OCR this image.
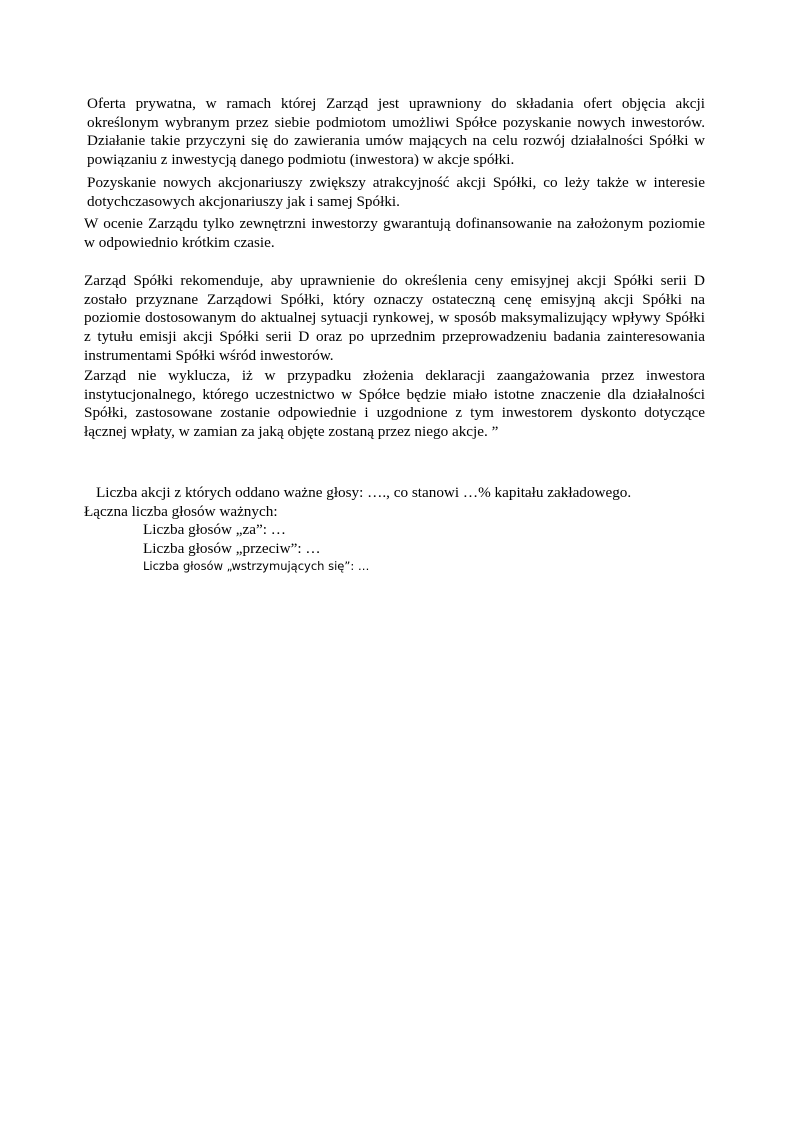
Oferta prywatna, w ramach której Zarząd jest uprawniony do składania ofert objęcia akcji określonym wybranym przez siebie podmiotom umożliwi Spółce pozyskanie nowych inwestorów. Działanie takie przyczyni się do zawierania umów mających na celu rozwój działalności Spółki w powiązaniu z inwestycją danego podmiotu (inwestora) w akcje spółki.

Pozyskanie nowych akcjonariuszy zwiększy atrakcyjność akcji Spółki, co leży także w interesie dotychczasowych akcjonariuszy jak i samej Spółki.

W ocenie Zarządu tylko zewnętrzni inwestorzy gwarantują dofinansowanie na założonym poziomie w odpowiednio krótkim czasie.

Zarząd Spółki rekomenduje, aby uprawnienie do określenia ceny emisyjnej akcji Spółki serii D zostało przyznane Zarządowi Spółki, który oznaczy ostateczną cenę emisyjną akcji Spółki na poziomie dostosowanym do aktualnej sytuacji rynkowej, w sposób maksymalizujący wpływy Spółki z tytułu emisji akcji Spółki serii D oraz po uprzednim przeprowadzeniu badania zainteresowania instrumentami Spółki wśród inwestorów.

Zarząd nie wyklucza, iż w przypadku złożenia deklaracji zaangażowania przez inwestora instytucjonalnego, którego uczestnictwo w Spółce będzie miało istotne znaczenie dla działalności Spółki, zastosowane zostanie odpowiednie i uzgodnione z tym inwestorem dyskonto dotyczące łącznej wpłaty, w zamian za jaką objęte zostaną przez niego akcje. ”

Liczba akcji z których oddano ważne głosy: …., co stanowi …% kapitału zakładowego.
Łączna liczba głosów ważnych:
Liczba głosów „za”: …
Liczba głosów „przeciw”: …
Liczba głosów „wstrzymujących się”: …
